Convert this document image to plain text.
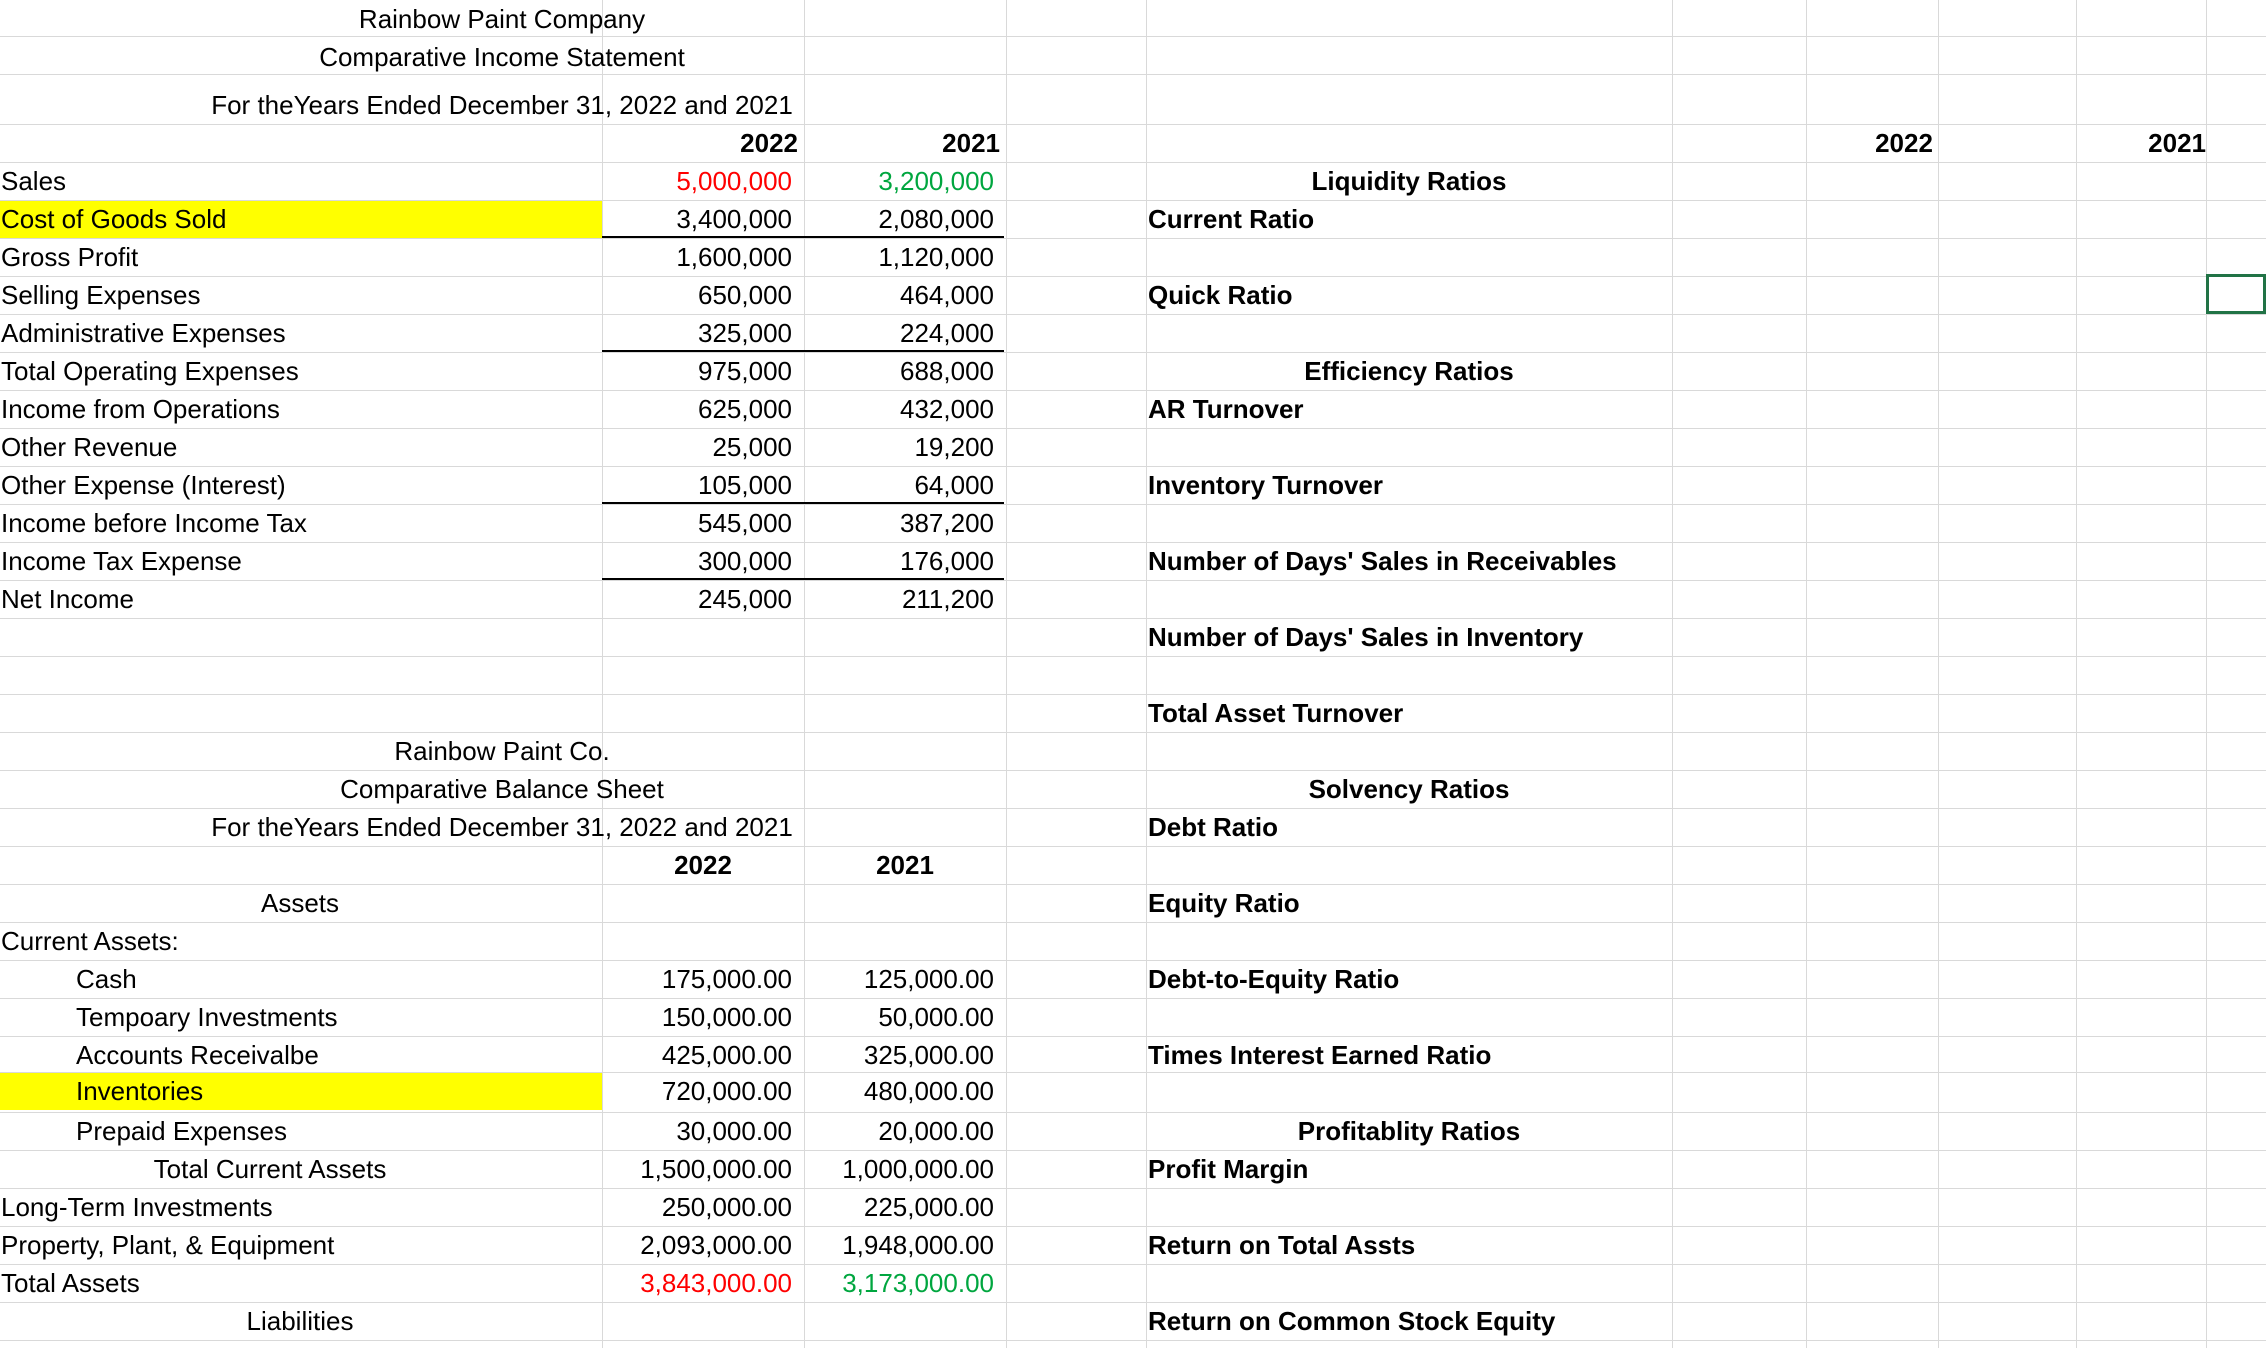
Rainbow Paint Company
Comparative Income Statement
For theYears Ended December 31, 2022 and 2021
2022	2021
Sales	5,000,000	3,200,000
Cost of Goods Sold	3,400,000	2,080,000
Gross Profit	1,600,000	1,120,000
Selling Expenses	650,000	464,000
Administrative Expenses	325,000	224,000
Total Operating Expenses	975,000	688,000
Income from Operations	625,000	432,000
Other Revenue	25,000	19,200
Other Expense (Interest)	105,000	64,000
Income before Income Tax	545,000	387,200
Income Tax Expense	300,000	176,000
Net Income	245,000	211,200
Rainbow Paint Co.
Comparative Balance Sheet
For theYears Ended December 31, 2022 and 2021
2022	2021
Assets
Current Assets:
Cash	175,000.00	125,000.00
Tempoary Investments	150,000.00	50,000.00
Accounts Receivalbe	425,000.00	325,000.00
Inventories	720,000.00	480,000.00
Prepaid Expenses	30,000.00	20,000.00
Total Current Assets	1,500,000.00	1,000,000.00
Long-Term Investments	250,000.00	225,000.00
Property, Plant, & Equipment	2,093,000.00	1,948,000.00
Total Assets	3,843,000.00	3,173,000.00
Liabilities
2022	2021
Liquidity Ratios
Current Ratio
Quick Ratio
Efficiency Ratios
AR Turnover
Inventory Turnover
Number of Days' Sales in Receivables
Number of Days' Sales in Inventory
Total Asset Turnover
Solvency Ratios
Debt Ratio
Equity Ratio
Debt-to-Equity Ratio
Times Interest Earned Ratio
Profitablity Ratios
Profit Margin
Return on Total Assts
Return on Common Stock Equity
